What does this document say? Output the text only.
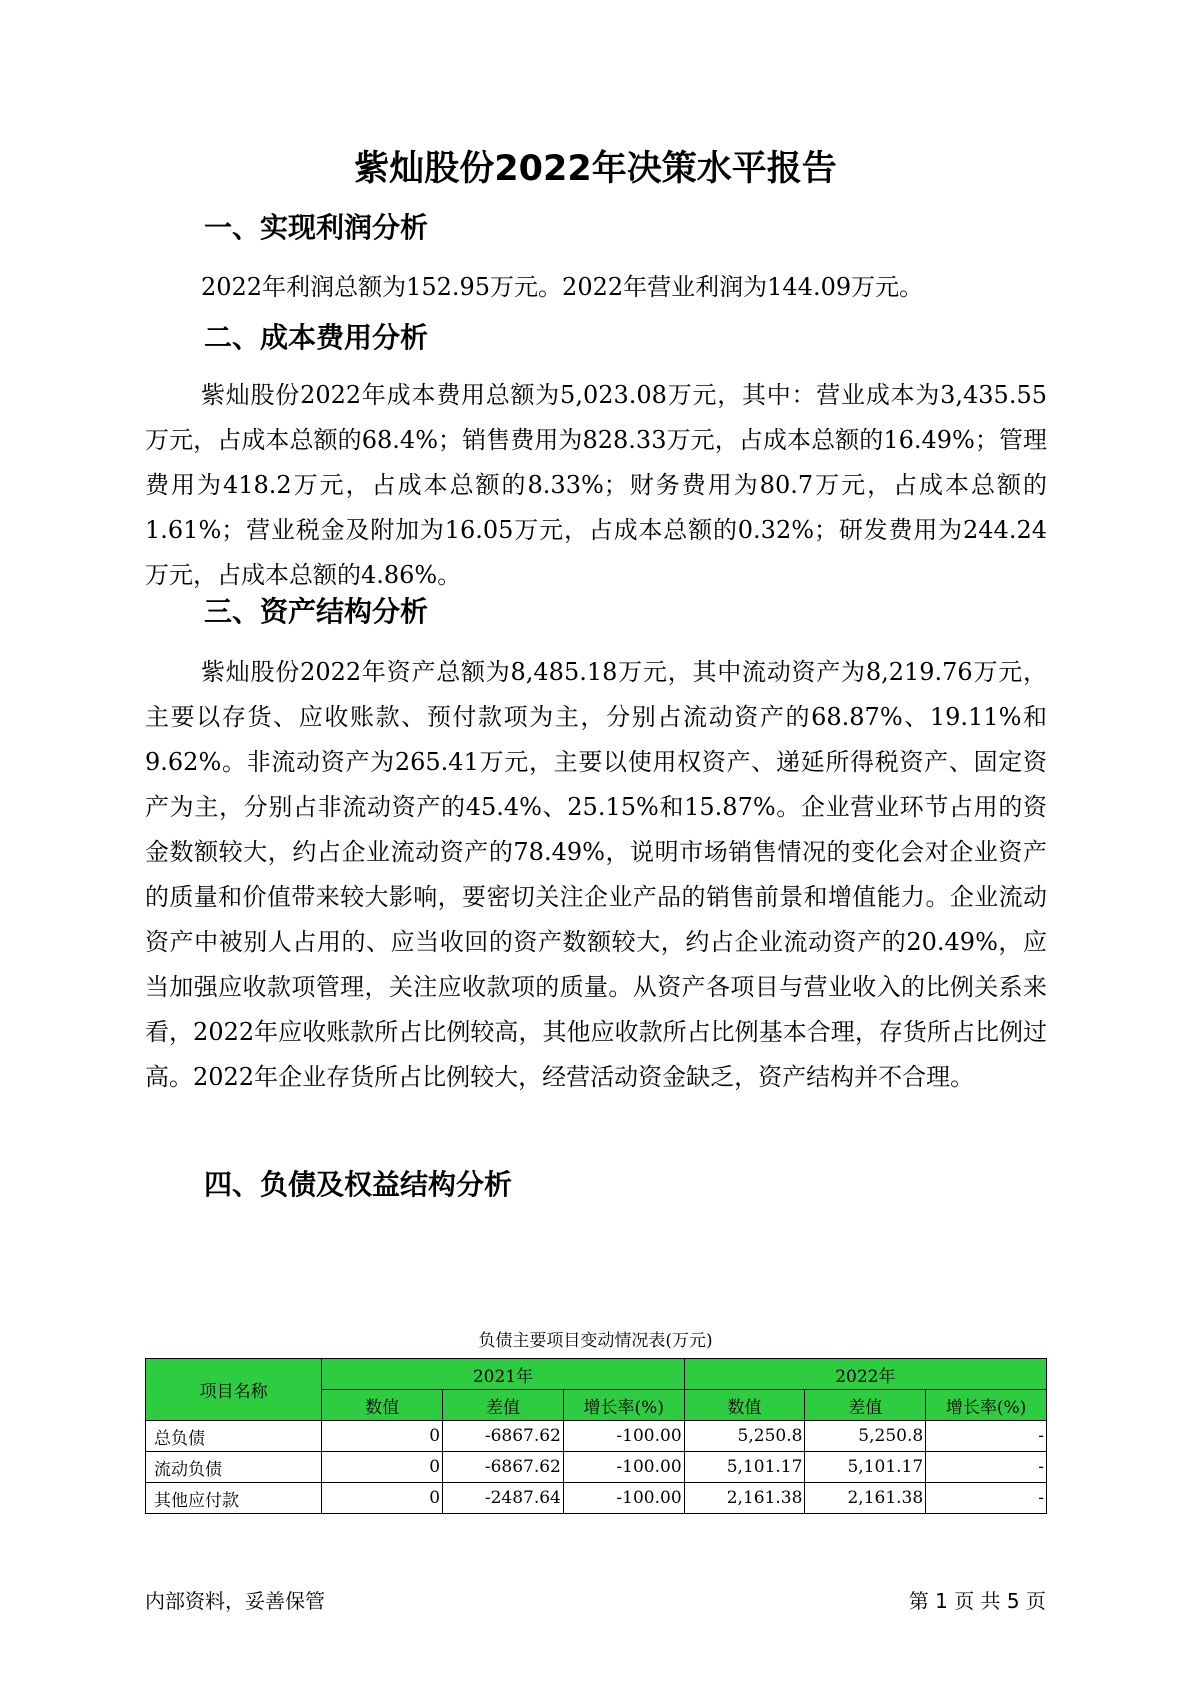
紫灿股份2022年决策水平报告
一、实现利润分析

2022年利润总额为152.95万元。2022年营业利润为144.09万元。

二、成本费用分析

紫灿股份2022年成本费用总额为5,023.08万元，其中：营业成本为3,435.55万元，占成本总额的68.4%；销售费用为828.33万元，占成本总额的16.49%；管理费用为418.2万元，占成本总额的8.33%；财务费用为80.7万元，占成本总额的1.61%；营业税金及附加为16.05万元，占成本总额的0.32%；研发费用为244.24万元，占成本总额的4.86%。

三、资产结构分析

紫灿股份2022年资产总额为8,485.18万元，其中流动资产为8,219.76万元，主要以存货、应收账款、预付款项为主，分别占流动资产的68.87%、19.11%和9.62%。非流动资产为265.41万元，主要以使用权资产、递延所得税资产、固定资产为主，分别占非流动资产的45.4%、25.15%和15.87%。企业营业环节占用的资金数额较大，约占企业流动资产的78.49%，说明市场销售情况的变化会对企业资产的质量和价值带来较大影响，要密切关注企业产品的销售前景和增值能力。企业流动资产中被别人占用的、应当收回的资产数额较大，约占企业流动资产的20.49%，应当加强应收款项管理，关注应收款项的质量。从资产各项目与营业收入的比例关系来看，2022年应收账款所占比例较高，其他应收款所占比例基本合理，存货所占比例过高。2022年企业存货所占比例较大，经营活动资金缺乏，资产结构并不合理。

四、负债及权益结构分析
负债主要项目变动情况表(万元)
项目名称	2021年			2022年		
	数值	差值	增长率(%)	数值	差值	增长率(%)
总负债	0	-6867.62	-100.00	5,250.8	5,250.8	-
流动负债	0	-6867.62	-100.00	5,101.17	5,101.17	-
其他应付款	0	-2487.64	-100.00	2,161.38	2,161.38	-
内部资料，妥善保管	第 1 页 共 5 页
